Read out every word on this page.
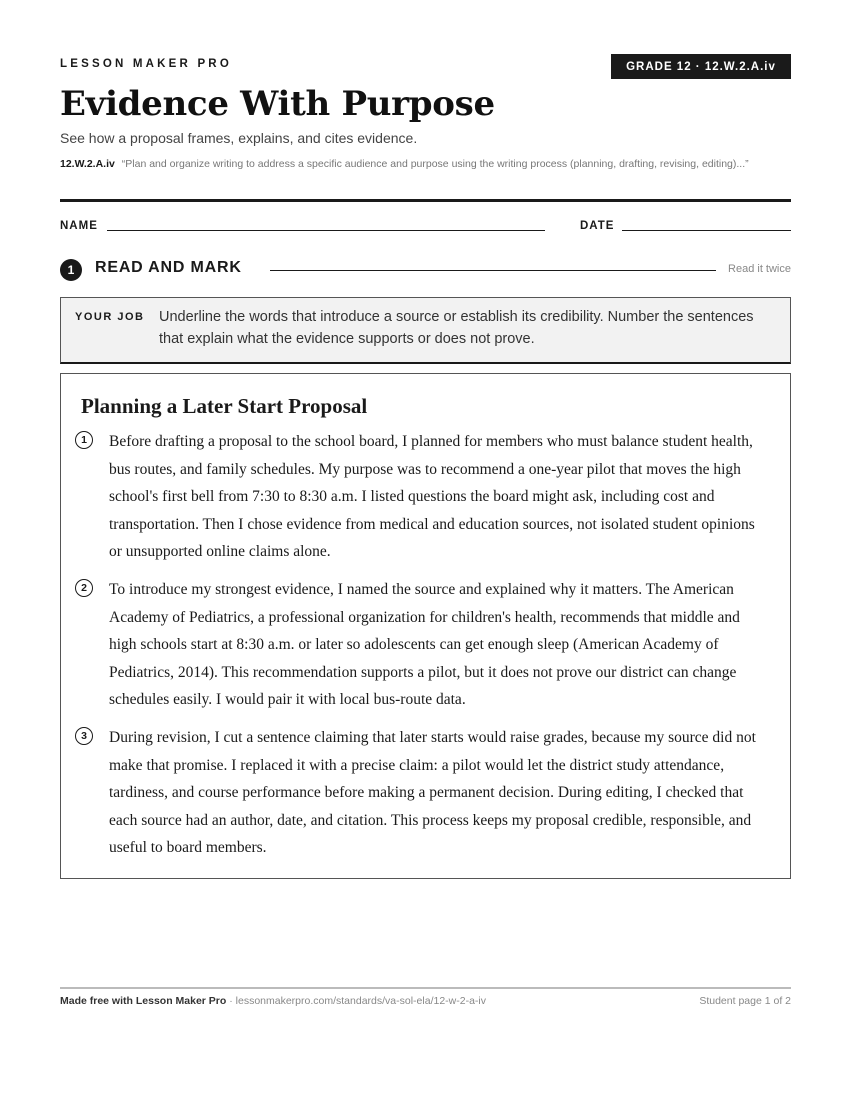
LESSON MAKER PRO	GRADE 12 · 12.W.2.A.iv
Evidence With Purpose
See how a proposal frames, explains, and cites evidence.
12.W.2.A.iv “Plan and organize writing to address a specific audience and purpose using the writing process (planning, drafting, revising, editing)...”
NAME	DATE
1	READ AND MARK	Read it twice
YOUR JOB Underline the words that introduce a source or establish its credibility. Number the sentences that explain what the evidence supports or does not prove.
Planning a Later Start Proposal
1	Before drafting a proposal to the school board, I planned for members who must balance student health, bus routes, and family schedules. My purpose was to recommend a one-year pilot that moves the high school's first bell from 7:30 to 8:30 a.m. I listed questions the board might ask, including cost and transportation. Then I chose evidence from medical and education sources, not isolated student opinions or unsupported online claims alone.
2	To introduce my strongest evidence, I named the source and explained why it matters. The American Academy of Pediatrics, a professional organization for children's health, recommends that middle and high schools start at 8:30 a.m. or later so adolescents can get enough sleep (American Academy of Pediatrics, 2014). This recommendation supports a pilot, but it does not prove our district can change schedules easily. I would pair it with local bus-route data.
3	During revision, I cut a sentence claiming that later starts would raise grades, because my source did not make that promise. I replaced it with a precise claim: a pilot would let the district study attendance, tardiness, and course performance before making a permanent decision. During editing, I checked that each source had an author, date, and citation. This process keeps my proposal credible, responsible, and useful to board members.
Made free with Lesson Maker Pro · lessonmakerpro.com/standards/va-sol-ela/12-w-2-a-iv	Student page 1 of 2
